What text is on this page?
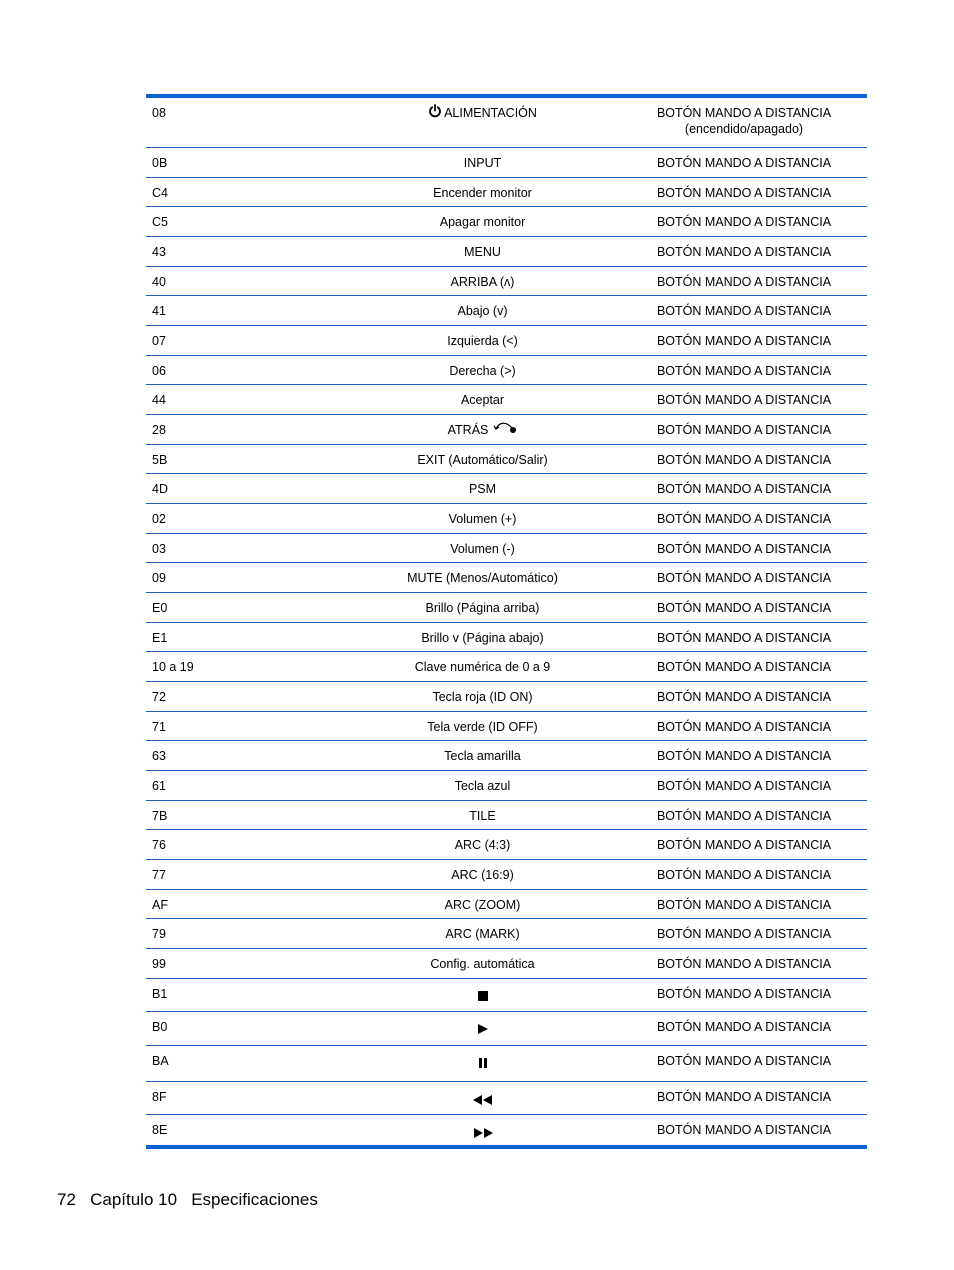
08	ALIMENTACIÓN	BOTÓN MANDO A DISTANCIA
(encendido/apagado)

0B	INPUT	BOTÓN MANDO A DISTANCIA

C4	Encender monitor	BOTÓN MANDO A DISTANCIA

C5	Apagar monitor	BOTÓN MANDO A DISTANCIA

43	MENU	BOTÓN MANDO A DISTANCIA

40	ARRIBA (ʌ)	BOTÓN MANDO A DISTANCIA

41	Abajo (v)	BOTÓN MANDO A DISTANCIA

07	Izquierda (<)	BOTÓN MANDO A DISTANCIA

06	Derecha (>)	BOTÓN MANDO A DISTANCIA

44	Aceptar	BOTÓN MANDO A DISTANCIA

28	ATRÁS	BOTÓN MANDO A DISTANCIA

5B	EXIT (Automático/Salir)	BOTÓN MANDO A DISTANCIA

4D	PSM	BOTÓN MANDO A DISTANCIA

02	Volumen (+)	BOTÓN MANDO A DISTANCIA

03	Volumen (-)	BOTÓN MANDO A DISTANCIA

09	MUTE (Menos/Automático)	BOTÓN MANDO A DISTANCIA

E0	Brillo (Página arriba)	BOTÓN MANDO A DISTANCIA

E1	Brillo v (Página abajo)	BOTÓN MANDO A DISTANCIA

10 a 19	Clave numérica de 0 a 9	BOTÓN MANDO A DISTANCIA

72	Tecla roja (ID ON)	BOTÓN MANDO A DISTANCIA

71	Tela verde (ID OFF)	BOTÓN MANDO A DISTANCIA

63	Tecla amarilla	BOTÓN MANDO A DISTANCIA

61	Tecla azul	BOTÓN MANDO A DISTANCIA

7B	TILE	BOTÓN MANDO A DISTANCIA

76	ARC (4:3)	BOTÓN MANDO A DISTANCIA

77	ARC (16:9)	BOTÓN MANDO A DISTANCIA

AF	ARC (ZOOM)	BOTÓN MANDO A DISTANCIA

79	ARC (MARK)	BOTÓN MANDO A DISTANCIA

99	Config. automática	BOTÓN MANDO A DISTANCIA

B1		BOTÓN MANDO A DISTANCIA

B0		BOTÓN MANDO A DISTANCIA

BA		BOTÓN MANDO A DISTANCIA

8F		BOTÓN MANDO A DISTANCIA

8E		BOTÓN MANDO A DISTANCIA
72 Capítulo 10 Especificaciones
